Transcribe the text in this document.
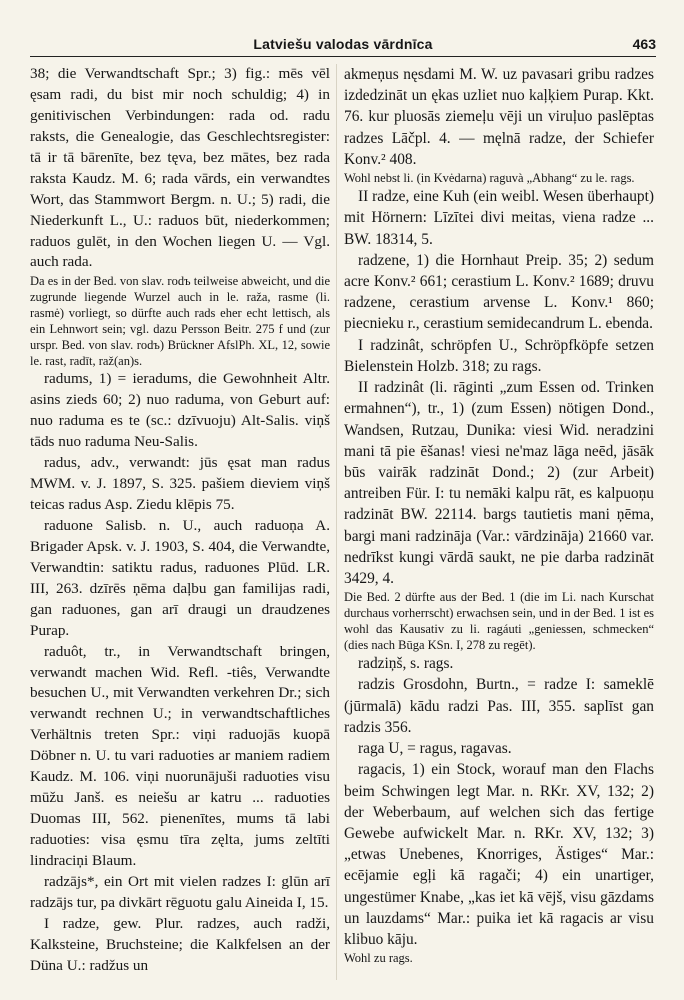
Latviešu valodas vārdnīca	463

38; die Verwandtschaft Spr.; 3) fig.: mēs vēl ęsam radi, du bist mir noch schuldig; 4) in genitivischen Verbindungen: rada od. radu raksts, die Genealogie, das Geschlechtsregister: tā ir tā bārenīte, bez tęva, bez mātes, bez rada raksta Kaudz. M. 6; rada vārds, ein verwandtes Wort, das Stammwort Bergm. n. U.; 5) radi, die Niederkunft L., U.: raduos būt, niederkommen; raduos gulēt, in den Wochen liegen U. — Vgl. auch rada.

Da es in der Bed. von slav. rodъ teilweise abweicht, und die zugrunde liegende Wurzel auch in le. raža, rasme (li. rasmė) vorliegt, so dürfte auch rads eher echt lettisch, als ein Lehnwort sein; vgl. dazu Persson Beitr. 275 f und (zur urspr. Bed. von slav. rodъ) Brückner AfslPh. XL, 12, sowie le. rast, radīt, raž(an)s.

radums, 1) = ieradums, die Gewohnheit Altr. asins zieds 60; 2) nuo raduma, von Geburt auf: nuo raduma es te (sc.: dzīvuoju) Alt-Salis. viņš tāds nuo raduma Neu-Salis.

radus, adv., verwandt: jūs ęsat man radus MWM. v. J. 1897, S. 325. pašiem dieviem viņš teicas radus Asp. Ziedu klēpis 75.

raduone Salisb. n. U., auch raduoņa A. Brigader Apsk. v. J. 1903, S. 404, die Verwandte, Verwandtin: satiktu radus, raduones Plūd. LR. III, 263. dzīrēs ņēma daļbu gan familijas radi, gan raduones, gan arī draugi un draudzenes Purap.

raduôt, tr., in Verwandtschaft bringen, verwandt machen Wid. Refl. -tiês, Verwandte besuchen U., mit Verwandten verkehren Dr.; sich verwandt rechnen U.; in verwandtschaftliches Verhältnis treten Spr.: viņi raduojās kuopā Döbner n. U. tu vari raduoties ar maniem radiem Kaudz. M. 106. viņi nuorunājuši raduoties visu mūžu Janš. es neiešu ar katru ... raduoties Duomas III, 562. pienenītes, mums tā labi raduoties: visa ęsmu tīra zęlta, jums zeltīti lindraciņi Blaum.

radzājs*, ein Ort mit vielen radzes I: glūn arī radzājs tur, pa divkārt rēguotu galu Aineida I, 15.

I radze, gew. Plur. radzes, auch radži, Kalksteine, Bruchsteine; die Kalkfelsen an der Düna U.: radžus un

akmeņus nęsdami M. W. uz pavasari gribu radzes izdedzināt un ękas uzliet nuo kaļķiem Purap. Kkt. 76. kur pluosās ziemeļu vēji un viruļuo paslēptas radzes Lāčpl. 4. — męlnā radze, der Schiefer Konv.² 408.

Wohl nebst li. (in Kvėdarna) raguvà „Abhang“ zu le. rags.

II radze, eine Kuh (ein weibl. Wesen überhaupt) mit Hörnern: Līzītei divi meitas, viena radze ... BW. 18314, 5.

radzene, 1) die Hornhaut Preip. 35; 2) sedum acre Konv.² 661; cerastium L. Konv.² 1689; druvu radzene, cerastium arvense L. Konv.¹ 860; piecnieku r., cerastium semidecandrum L. ebenda.

I radzinât, schröpfen U., Schröpfköpfe setzen Bielenstein Holzb. 318; zu rags.

II radzinât (li. rāginti „zum Essen od. Trinken ermahnen“), tr., 1) (zum Essen) nötigen Dond., Wandsen, Rutzau, Dunika: viesi Wid. neradzini mani tā pie ēšanas! viesi ne'maz lāga neēd, jāsāk būs vairāk radzināt Dond.; 2) (zur Arbeit) antreiben Für. I: tu nemāki kalpu rāt, es kalpuoņu radzināt BW. 22114. bargs tautietis mani ņēma, bargi mani radzināja (Var.: vārdzināja) 21660 var. nedrīkst kungi vārdā saukt, ne pie darba radzināt 3429, 4.

Die Bed. 2 dürfte aus der Bed. 1 (die im Li. nach Kurschat durchaus vorherrscht) erwachsen sein, und in der Bed. 1 ist es wohl das Kausativ zu li. ragáuti „geniessen, schmecken“ (dies nach Būga KSn. I, 278 zu regēt).

radziņš, s. rags.

radzis Grosdohn, Burtn., = radze I: sameklē (jūrmalā) kādu radzi Pas. III, 355. saplīst gan radzis 356.

raga U, = ragus, ragavas.

ragacis, 1) ein Stock, worauf man den Flachs beim Schwingen legt Mar. n. RKr. XV, 132; 2) der Weberbaum, auf welchen sich das fertige Gewebe aufwickelt Mar. n. RKr. XV, 132; 3) „etwas Unebenes, Knorriges, Ästiges“ Mar.: ecējamie egļi kā ragači; 4) ein unartiger, ungestümer Knabe, „kas iet kā vējš, visu gāzdams un lauzdams“ Mar.: puika iet kā ragacis ar visu klibuo kāju.

Wohl zu rags.
